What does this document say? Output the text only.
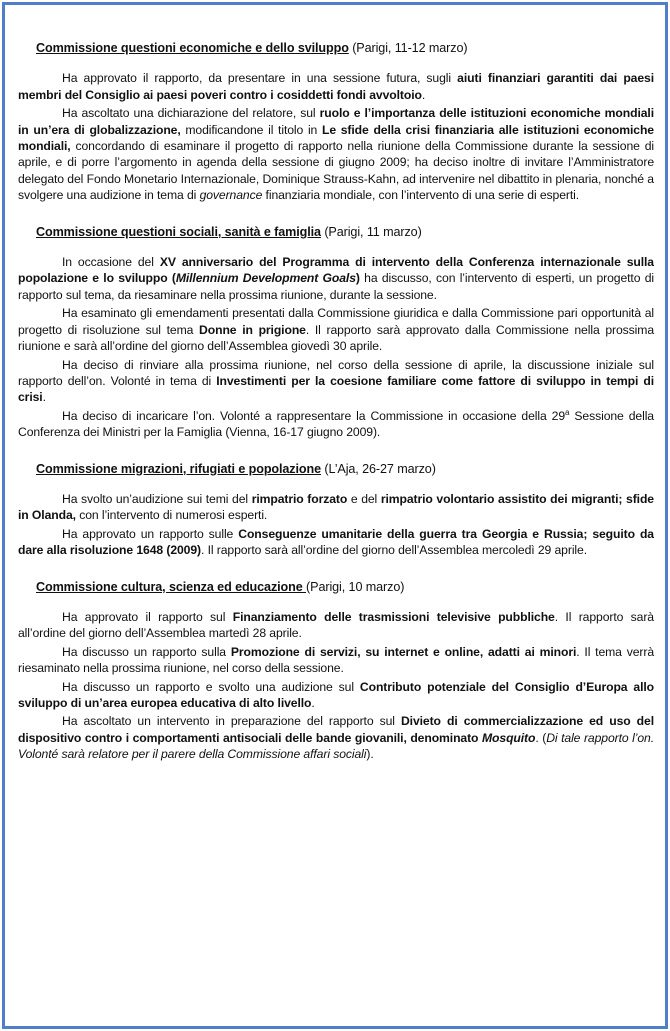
Commissione questioni economiche e dello sviluppo (Parigi, 11-12 marzo)

Ha approvato il rapporto, da presentare in una sessione futura, sugli aiuti finanziari garantiti dai paesi membri del Consiglio ai paesi poveri contro i cosiddetti fondi avvoltoio.

Ha ascoltato una dichiarazione del relatore, sul ruolo e l’importanza delle istituzioni economiche mondiali in un’era di globalizzazione, modificandone il titolo in Le sfide della crisi finanziaria alle istituzioni economiche mondiali, concordando di esaminare il progetto di rapporto nella riunione della Commissione durante la sessione di aprile, e di porre l’argomento in agenda della sessione di giugno 2009; ha deciso inoltre di invitare l’Amministratore delegato del Fondo Monetario Internazionale, Dominique Strauss-Kahn, ad intervenire nel dibattito in plenaria, nonché a svolgere una audizione in tema di governance finanziaria mondiale, con l’intervento di una serie di esperti.

Commissione questioni sociali, sanità e famiglia (Parigi, 11 marzo)

In occasione del XV anniversario del Programma di intervento della Conferenza internazionale sulla popolazione e lo sviluppo (Millennium Development Goals) ha discusso, con l’intervento di esperti, un progetto di rapporto sul tema, da riesaminare nella prossima riunione, durante la sessione.

Ha esaminato gli emendamenti presentati dalla Commissione giuridica e dalla Commissione pari opportunità al progetto di risoluzione sul tema Donne in prigione. Il rapporto sarà approvato dalla Commissione nella prossima riunione e sarà all’ordine del giorno dell’Assemblea giovedì 30 aprile.

Ha deciso di rinviare alla prossima riunione, nel corso della sessione di aprile, la discussione iniziale sul rapporto dell’on. Volonté in tema di Investimenti per la coesione familiare come fattore di sviluppo in tempi di crisi.

Ha deciso di incaricare l’on. Volonté a rappresentare la Commissione in occasione della 29$^a$ Sessione della Conferenza dei Ministri per la Famiglia (Vienna, 16-17 giugno 2009).

Commissione migrazioni, rifugiati e popolazione (L’Aja, 26-27 marzo)

Ha svolto un’audizione sui temi del rimpatrio forzato e del rimpatrio volontario assistito dei migranti; sfide in Olanda, con l’intervento di numerosi esperti.

Ha approvato un rapporto sulle Conseguenze umanitarie della guerra tra Georgia e Russia; seguito da dare alla risoluzione 1648 (2009). Il rapporto sarà all’ordine del giorno dell’Assemblea mercoledì 29 aprile.

Commissione cultura, scienza ed educazione (Parigi, 10 marzo)

Ha approvato il rapporto sul Finanziamento delle trasmissioni televisive pubbliche. Il rapporto sarà all’ordine del giorno dell’Assemblea martedì 28 aprile.

Ha discusso un rapporto sulla Promozione di servizi, su internet e online, adatti ai minori. Il tema verrà riesaminato nella prossima riunione, nel corso della sessione.

Ha discusso un rapporto e svolto una audizione sul Contributo potenziale del Consiglio d’Europa allo sviluppo di un’area europea educativa di alto livello.

Ha ascoltato un intervento in preparazione del rapporto sul Divieto di commercializzazione ed uso del dispositivo contro i comportamenti antisociali delle bande giovanili, denominato Mosquito. (Di tale rapporto l’on. Volonté sarà relatore per il parere della Commissione affari sociali).
